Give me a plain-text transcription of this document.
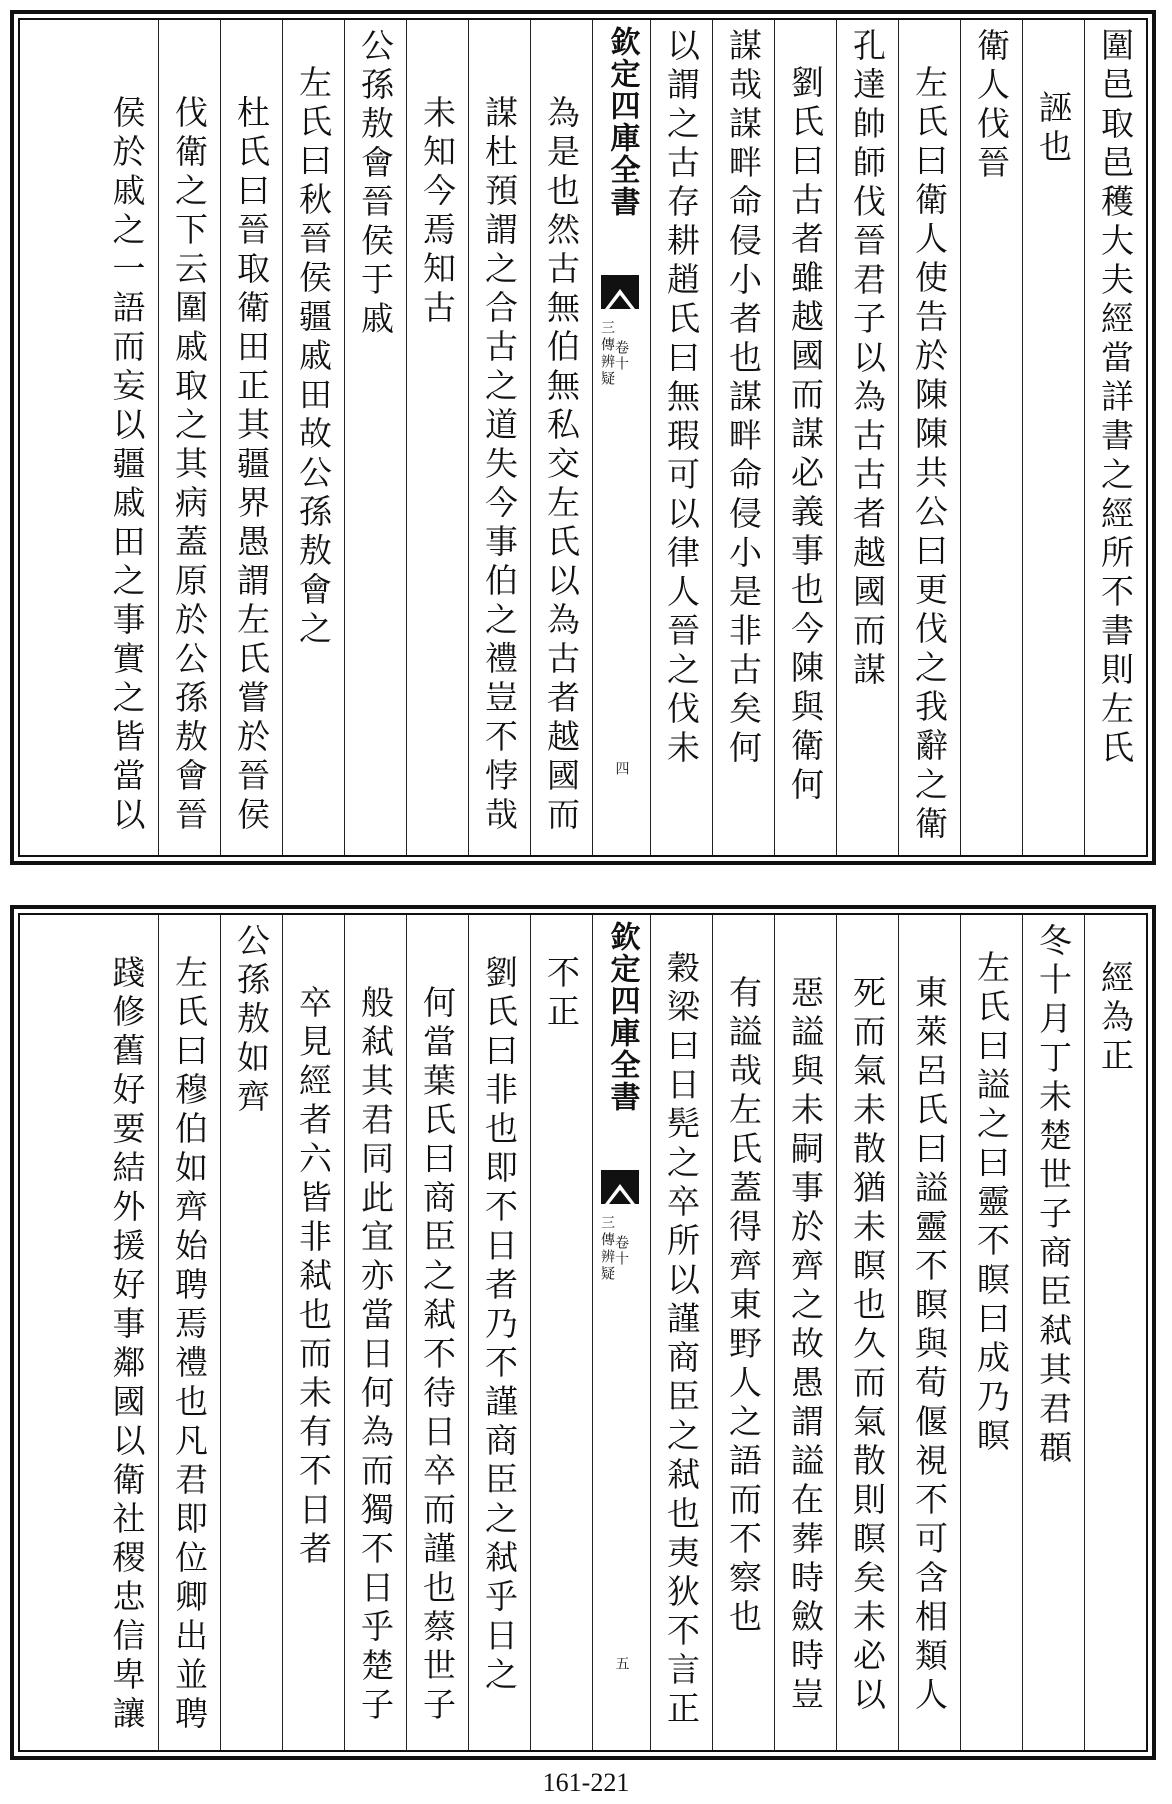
圍邑取邑穫大夫經當詳書之經所不書則左氏
誣也
衛人伐晉
左氏曰衛人使告於陳陳共公曰更伐之我辭之衛
孔達帥師伐晉君子以為古古者越國而謀
劉氏曰古者雖越國而謀必義事也今陳與衛何
謀哉謀畔命侵小者也謀畔命侵小是非古矣何
以謂之古存耕趙氏曰無瑕可以律人晉之伐未
欽定四庫全書
三傳辨疑
卷十
四
為是也然古無伯無私交左氏以為古者越國而
謀杜預謂之合古之道失今事伯之禮豈不悖哉
未知今焉知古
公孫敖會晉侯于戚
左氏曰秋晉侯疆戚田故公孫敖會之
杜氏曰晉取衛田正其疆界愚謂左氏嘗於晉侯
伐衛之下云圍戚取之其病蓋原於公孫敖會晉
侯於戚之一語而妄以疆戚田之事實之皆當以
經為正
冬十月丁未楚世子商臣弒其君頵
左氏曰謚之曰靈不瞑曰成乃瞑
東萊呂氏曰謚靈不瞑與荀偃視不可含相類人
死而氣未散猶未瞑也久而氣散則瞑矣未必以
惡謚與未嗣事於齊之故愚謂謚在葬時斂時豈
有謚哉左氏蓋得齊東野人之語而不察也
穀梁曰日髡之卒所以謹商臣之弒也夷狄不言正
欽定四庫全書
三傳辨疑
卷十
五
不正
劉氏曰非也即不日者乃不謹商臣之弒乎日之
何當葉氏曰商臣之弒不待日卒而謹也蔡世子
般弒其君同此宜亦當日何為而獨不日乎楚子
卒見經者六皆非弒也而未有不日者
公孫敖如齊
左氏曰穆伯如齊始聘焉禮也凡君即位卿出並聘
踐修舊好要結外援好事鄰國以衛社稷忠信卑讓
161-221
